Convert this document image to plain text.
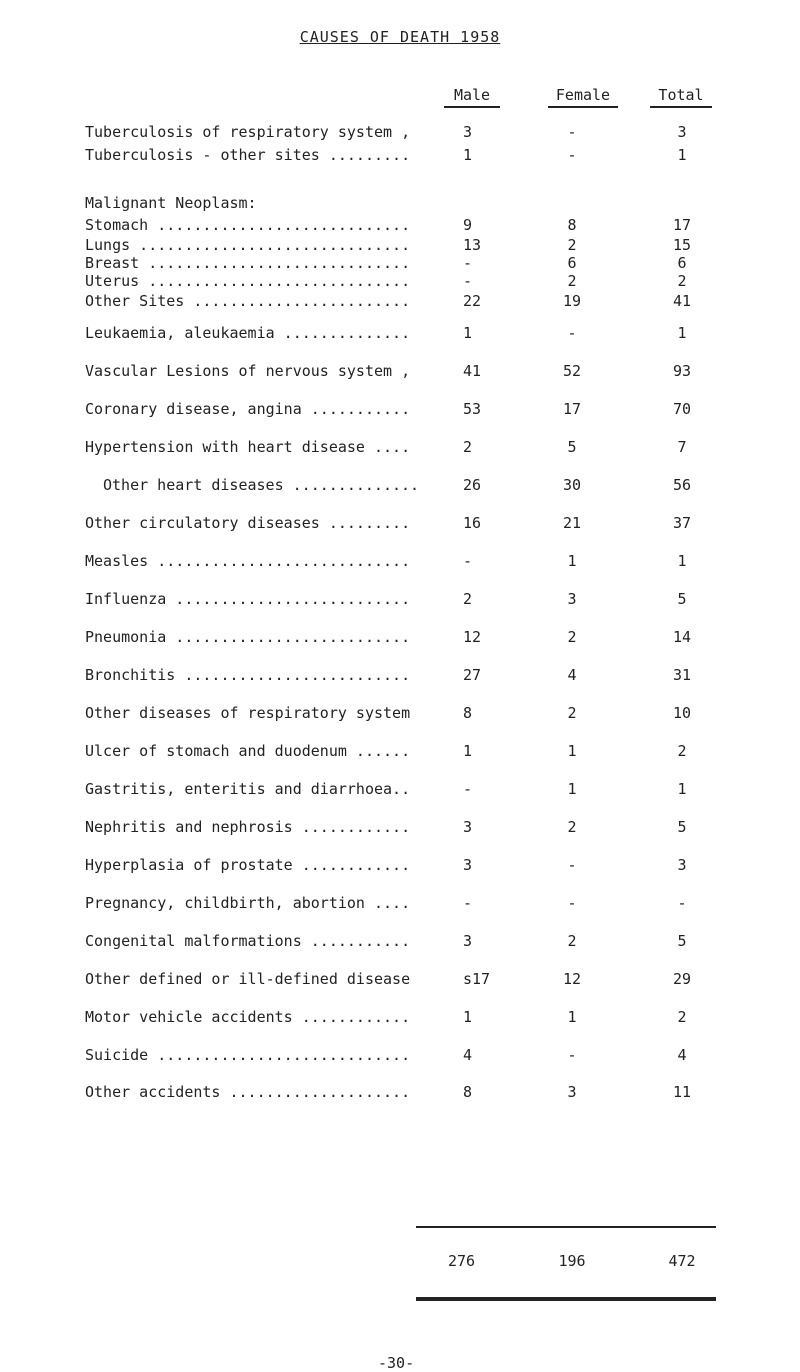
CAUSES OF DEATH 1958
Male	Female	Total
Tuberculosis of respiratory system ,	3	-	3
Tuberculosis - other sites .........	1	-	1
Malignant Neoplasm:
Stomach ............................	9	8	17
Lungs ..............................	13	2	15
Breast .............................	-	6	6
Uterus .............................	-	2	2
Other Sites ........................	22	19	41
Leukaemia, aleukaemia ..............	1	-	1
Vascular Lesions of nervous system ,	41	52	93
Coronary disease, angina ...........	53	17	70
Hypertension with heart disease ....	2	5	7
Other heart diseases ..............	26	30	56
Other circulatory diseases .........	16	21	37
Measles ............................	-	1	1
Influenza ..........................	2	3	5
Pneumonia ..........................	12	2	14
Bronchitis .........................	27	4	31
Other diseases of respiratory system	8	2	10
Ulcer of stomach and duodenum ......	1	1	2
Gastritis, enteritis and diarrhoea..	-	1	1
Nephritis and nephrosis ............	3	2	5
Hyperplasia of prostate ............	3	-	3
Pregnancy, childbirth, abortion ....	-	-	-
Congenital malformations ...........	3	2	5
Other defined or ill-defined disease	s17	12	29
Motor vehicle accidents ............	1	1	2
Suicide ............................	4	-	4
Other accidents ....................	8	3	11
276	196	472
-30-
